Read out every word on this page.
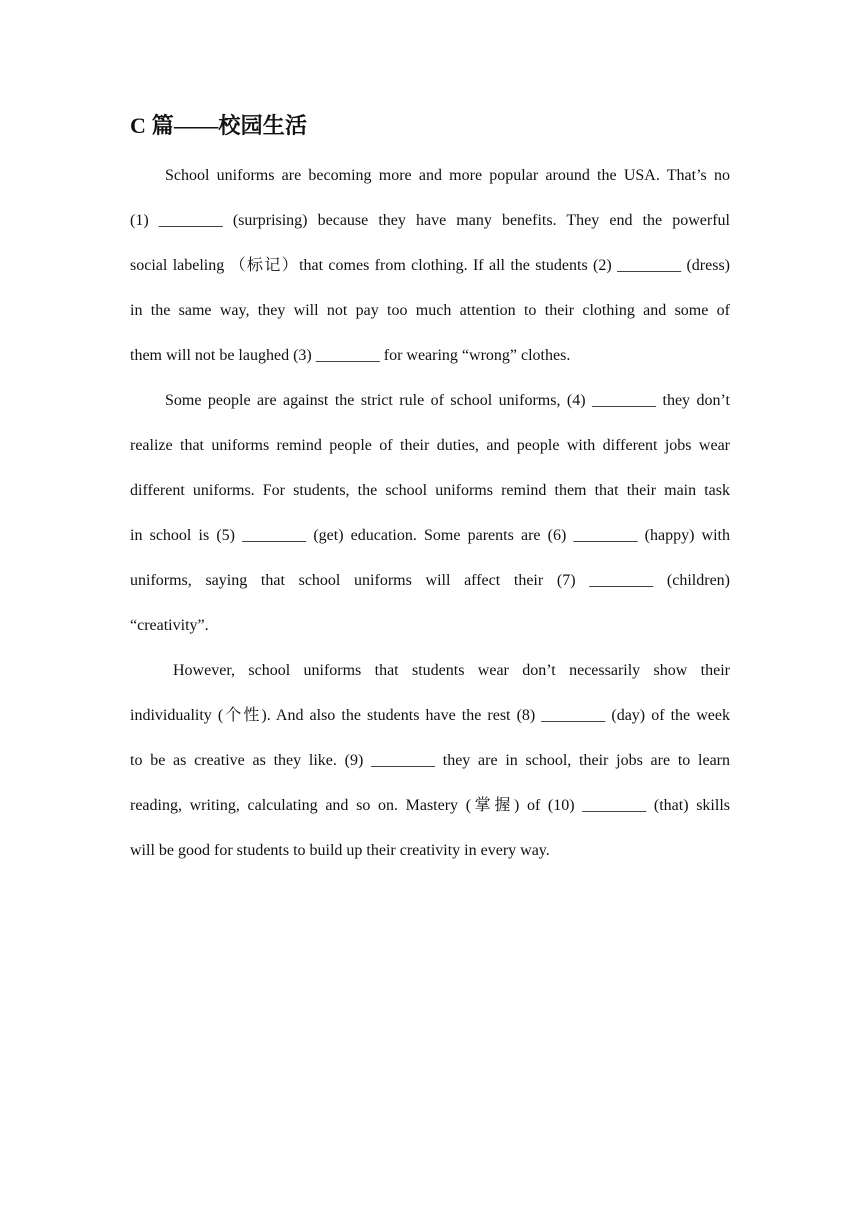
C 篇——校园生活
School uniforms are becoming more and more popular around the USA. That’s no
(1) ________ (surprising) because they have many benefits. They end the powerful
social labeling （标记）that comes from clothing. If all the students (2) ________ (dress)
in the same way, they will not pay too much attention to their clothing and some of
them will not be laughed (3) ________ for wearing “wrong” clothes.
Some people are against the strict rule of school uniforms, (4) ________ they don’t
realize that uniforms remind people of their duties, and people with different jobs wear
different uniforms. For students, the school uniforms remind them that their main task
in school is (5) ________ (get) education. Some parents are (6) ________ (happy) with
uniforms, saying that school uniforms will affect their (7) ________ (children)
“creativity”.
However, school uniforms that students wear don’t necessarily show their
individuality (个性). And also the students have the rest (8) ________ (day) of the week
to be as creative as they like. (9) ________ they are in school, their jobs are to learn
reading, writing, calculating and so on. Mastery (掌握) of (10) ________ (that) skills
will be good for students to build up their creativity in every way.
